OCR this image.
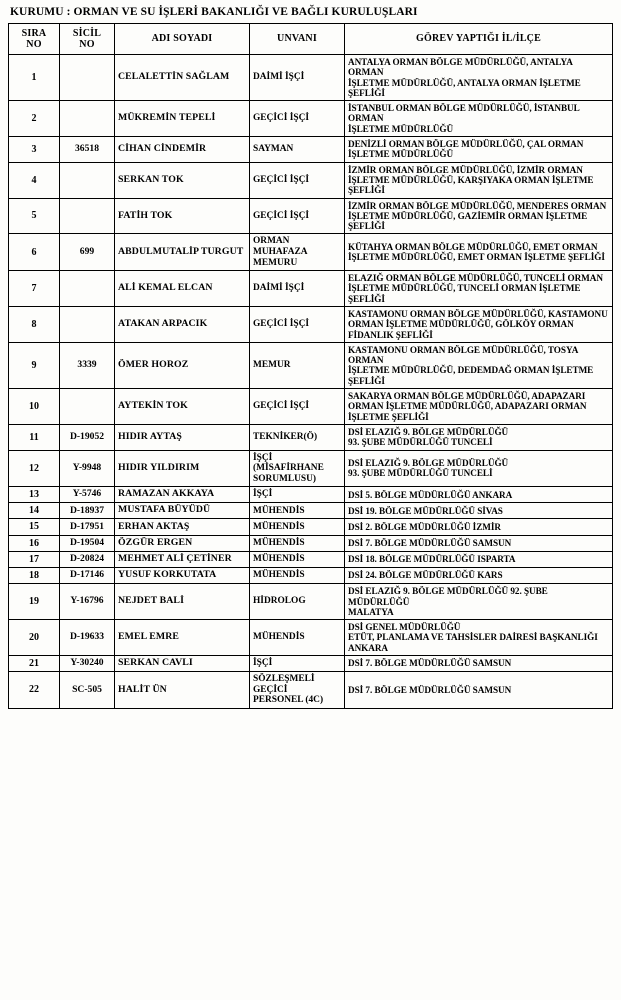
KURUMU : ORMAN VE SU İŞLERİ BAKANLIĞI VE BAĞLI KURULUŞLARI
SIRA
NO	SİCİL
NO	ADI SOYADI	UNVANI	GÖREV YAPTIĞI İL/İLÇE
1		CELALETTİN SAĞLAM	DAİMİ İŞÇİ	ANTALYA ORMAN BÖLGE MÜDÜRLÜĞÜ, ANTALYA ORMAN
İŞLETME MÜDÜRLÜĞÜ, ANTALYA ORMAN İŞLETME
ŞEFLİĞİ

2		MÜKREMİN TEPELİ	GEÇİCİ İŞÇİ	İSTANBUL ORMAN BÖLGE MÜDÜRLÜĞÜ, İSTANBUL ORMAN
İŞLETME MÜDÜRLÜĞÜ

3	36518	CİHAN CİNDEMİR	SAYMAN	DENİZLİ ORMAN BÖLGE MÜDÜRLÜĞÜ, ÇAL ORMAN
İŞLETME MÜDÜRLÜĞÜ

4		SERKAN TOK	GEÇİCİ İŞÇİ	İZMİR ORMAN BÖLGE MÜDÜRLÜĞÜ, İZMİR ORMAN
İŞLETME MÜDÜRLÜĞÜ, KARŞIYAKA ORMAN İŞLETME
ŞEFLİĞİ

5		FATİH TOK	GEÇİCİ İŞÇİ	İZMİR ORMAN BÖLGE MÜDÜRLÜĞÜ, MENDERES ORMAN
İŞLETME MÜDÜRLÜĞÜ, GAZİEMİR ORMAN İŞLETME
ŞEFLİĞİ

6	699	ABDULMUTALİP TURGUT	ORMAN MUHAFAZA
MEMURU	KÜTAHYA ORMAN BÖLGE MÜDÜRLÜĞÜ, EMET ORMAN
İŞLETME MÜDÜRLÜĞÜ, EMET ORMAN İŞLETME ŞEFLİĞİ

7		ALİ KEMAL ELCAN	DAİMİ İŞÇİ	ELAZIĞ ORMAN BÖLGE MÜDÜRLÜĞÜ, TUNCELİ ORMAN
İŞLETME MÜDÜRLÜĞÜ, TUNCELİ ORMAN İŞLETME ŞEFLİĞİ

8		ATAKAN ARPACIK	GEÇİCİ İŞÇİ	KASTAMONU ORMAN BÖLGE MÜDÜRLÜĞÜ, KASTAMONU
ORMAN İŞLETME MÜDÜRLÜĞÜ, GÖLKÖY ORMAN
FİDANLIK ŞEFLİĞİ

9	3339	ÖMER HOROZ	MEMUR	KASTAMONU ORMAN BÖLGE MÜDÜRLÜĞÜ, TOSYA ORMAN
İŞLETME MÜDÜRLÜĞÜ, DEDEMDAĞ ORMAN İŞLETME
ŞEFLİĞİ

10		AYTEKİN TOK	GEÇİCİ İŞÇİ	SAKARYA ORMAN BÖLGE MÜDÜRLÜĞÜ, ADAPAZARI
ORMAN İŞLETME MÜDÜRLÜĞÜ, ADAPAZARI ORMAN
İŞLETME ŞEFLİĞİ

11	D-19052	HIDIR AYTAŞ	TEKNİKER(Ö)	DSİ ELAZIĞ 9. BÖLGE MÜDÜRLÜĞÜ
93. ŞUBE MÜDÜRLÜĞÜ TUNCELİ

12	Y-9948	HIDIR YILDIRIM	İŞÇİ
(MİSAFİRHANE
SORUMLUSU)	DSİ ELAZIĞ 9. BÖLGE MÜDÜRLÜĞÜ
93. ŞUBE MÜDÜRLÜĞÜ TUNCELİ

13	Y-5746	RAMAZAN AKKAYA	İŞÇİ	DSİ 5. BÖLGE MÜDÜRLÜĞÜ ANKARA

14	D-18937	MUSTAFA BÜYÜDÜ	MÜHENDİS	DSİ 19. BÖLGE MÜDÜRLÜĞÜ SİVAS

15	D-17951	ERHAN AKTAŞ	MÜHENDİS	DSİ 2. BÖLGE MÜDÜRLÜĞÜ İZMİR

16	D-19504	ÖZGÜR ERGEN	MÜHENDİS	DSİ 7. BÖLGE MÜDÜRLÜĞÜ SAMSUN

17	D-20824	MEHMET ALİ ÇETİNER	MÜHENDİS	DSİ 18. BÖLGE MÜDÜRLÜĞÜ ISPARTA

18	D-17146	YUSUF KORKUTATA	MÜHENDİS	DSİ 24. BÖLGE MÜDÜRLÜĞÜ KARS

19	Y-16796	NEJDET BALİ	HİDROLOG	DSİ ELAZIĞ 9. BÖLGE MÜDÜRLÜĞÜ 92. ŞUBE MÜDÜRLÜĞÜ
MALATYA

20	D-19633	EMEL EMRE	MÜHENDİS	DSİ GENEL MÜDÜRLÜĞÜ
ETÜT, PLANLAMA VE TAHSİSLER DAİRESİ BAŞKANLIĞI
ANKARA

21	Y-30240	SERKAN CAVLI	İŞÇİ	DSİ 7. BÖLGE MÜDÜRLÜĞÜ SAMSUN

22	SC-505	HALİT ÜN	SÖZLEŞMELİ GEÇİCİ
PERSONEL (4C)	DSİ 7. BÖLGE MÜDÜRLÜĞÜ SAMSUN
